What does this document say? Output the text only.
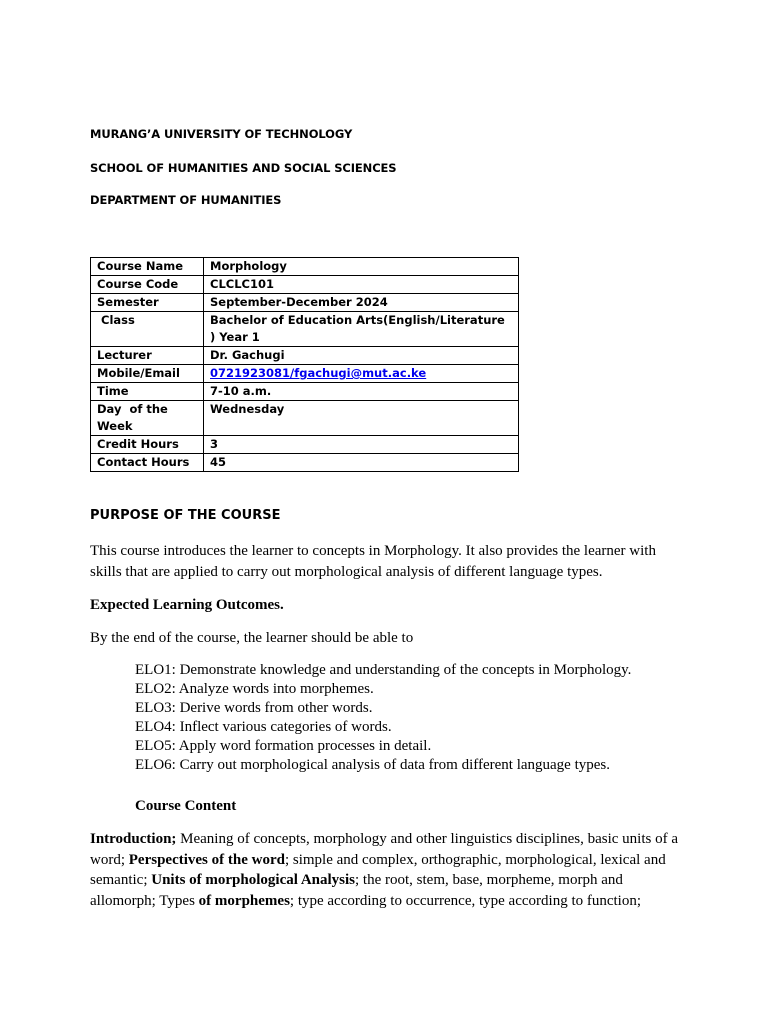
MURANG’A UNIVERSITY OF TECHNOLOGY
SCHOOL OF HUMANITIES AND SOCIAL SCIENCES
DEPARTMENT OF HUMANITIES
Course Name	Morphology
Course Code	CLCLC101
Semester	September-December 2024
Class	Bachelor of Education Arts(English/Literature ) Year 1
Lecturer	Dr. Gachugi
Mobile/Email	0721923081/fgachugi@mut.ac.ke
Time	7-10 a.m.
Day  of the Week	Wednesday
Credit Hours	3
Contact Hours	45
PURPOSE OF THE COURSE
This course introduces the learner to concepts in Morphology. It also provides the learner with skills that are applied to carry out morphological analysis of different language types.
Expected Learning Outcomes.
By the end of the course, the learner should be able to
ELO1: Demonstrate knowledge and understanding of the concepts in Morphology.
ELO2: Analyze words into morphemes.
ELO3: Derive words from other words.
ELO4: Inflect various categories of words.
ELO5: Apply word formation processes in detail.
ELO6: Carry out morphological analysis of data from different language types.
Course Content
Introduction; Meaning of concepts, morphology and other linguistics disciplines, basic units of a word; Perspectives of the word; simple and complex, orthographic, morphological, lexical and semantic; Units of morphological Analysis; the root, stem, base, morpheme, morph and allomorph; Types of morphemes; type according to occurrence, type according to function;
